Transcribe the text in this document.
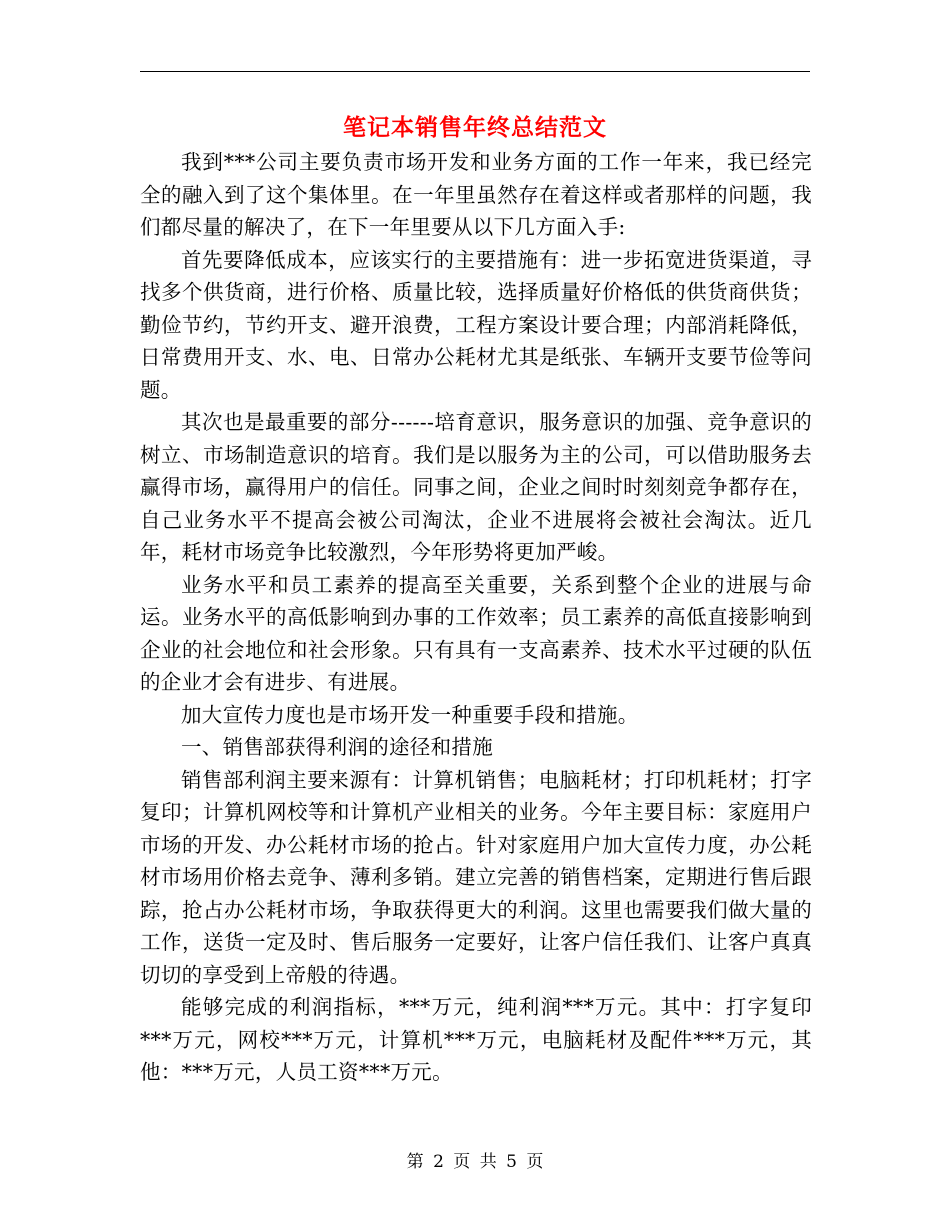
笔记本销售年终总结范文

我到***公司主要负责市场开发和业务方面的工作一年来，我已经完全的融入到了这个集体里。在一年里虽然存在着这样或者那样的问题，我们都尽量的解决了，在下一年里要从以下几方面入手:

首先要降低成本，应该实行的主要措施有：进一步拓宽进货渠道，寻找多个供货商，进行价格、质量比较，选择质量好价格低的供货商供货；勤俭节约，节约开支、避开浪费，工程方案设计要合理；内部消耗降低，日常费用开支、水、电、日常办公耗材尤其是纸张、车辆开支要节俭等问题。

其次也是最重要的部分------培育意识，服务意识的加强、竞争意识的树立、市场制造意识的培育。我们是以服务为主的公司，可以借助服务去赢得市场，赢得用户的信任。同事之间，企业之间时时刻刻竞争都存在，自己业务水平不提高会被公司淘汰，企业不进展将会被社会淘汰。近几年，耗材市场竞争比较激烈，今年形势将更加严峻。

业务水平和员工素养的提高至关重要，关系到整个企业的进展与命运。业务水平的高低影响到办事的工作效率；员工素养的高低直接影响到企业的社会地位和社会形象。只有具有一支高素养、技术水平过硬的队伍的企业才会有进步、有进展。

加大宣传力度也是市场开发一种重要手段和措施。

一、销售部获得利润的途径和措施

销售部利润主要来源有：计算机销售；电脑耗材；打印机耗材；打字复印；计算机网校等和计算机产业相关的业务。今年主要目标：家庭用户市场的开发、办公耗材市场的抢占。针对家庭用户加大宣传力度，办公耗材市场用价格去竞争、薄利多销。建立完善的销售档案，定期进行售后跟踪，抢占办公耗材市场，争取获得更大的利润。这里也需要我们做大量的工作，送货一定及时、售后服务一定要好，让客户信任我们、让客户真真切切的享受到上帝般的待遇。

能够完成的利润指标，***万元，纯利润***万元。其中：打字复印***万元，网校***万元，计算机***万元，电脑耗材及配件***万元，其他：***万元，人员工资***万元。

第 2 页 共 5 页
